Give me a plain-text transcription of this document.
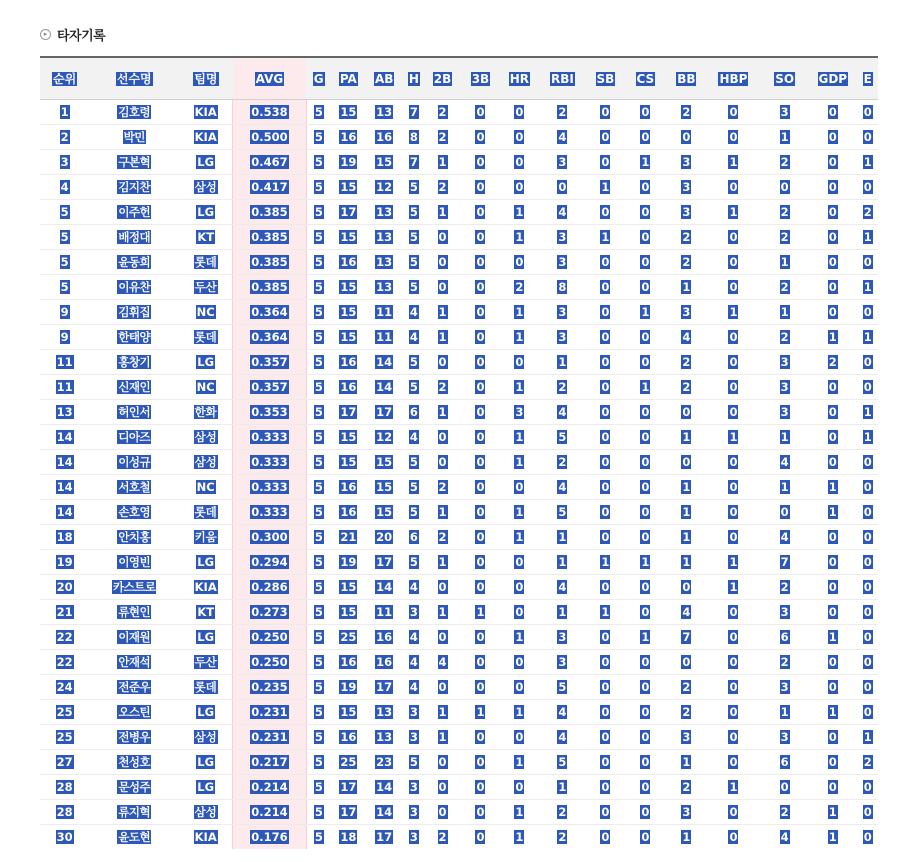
▸ 타자기록
순위	선수명	팀명	AVG	G	PA	AB	H	2B	3B	HR	RBI	SB	CS	BB	HBP	SO	GDP	E
1	김호령	KIA	0.538	5	15	13	7	2	0	0	2	0	0	2	0	3	0	0
2	박민	KIA	0.500	5	16	16	8	2	0	0	4	0	0	0	0	1	0	0
3	구본혁	LG	0.467	5	19	15	7	1	0	0	3	0	1	3	1	2	0	1
4	김지찬	삼성	0.417	5	15	12	5	2	0	0	0	1	0	3	0	0	0	0
5	이주헌	LG	0.385	5	17	13	5	1	0	1	4	0	0	3	1	2	0	2
5	배정대	KT	0.385	5	15	13	5	0	0	1	3	1	0	2	0	2	0	1
5	윤동희	롯데	0.385	5	16	13	5	0	0	0	3	0	0	2	0	1	0	0
5	이유찬	두산	0.385	5	15	13	5	0	0	2	8	0	0	1	0	2	0	1
9	김휘집	NC	0.364	5	15	11	4	1	0	1	3	0	1	3	1	1	0	0
9	한태양	롯데	0.364	5	15	11	4	1	0	1	3	0	0	4	0	2	1	1
11	홍창기	LG	0.357	5	16	14	5	0	0	0	1	0	0	2	0	3	2	0
11	신재인	NC	0.357	5	16	14	5	2	0	1	2	0	1	2	0	3	0	0
13	허인서	한화	0.353	5	17	17	6	1	0	3	4	0	0	0	0	3	0	1
14	디아즈	삼성	0.333	5	15	12	4	0	0	1	5	0	0	1	1	1	0	1
14	이성규	삼성	0.333	5	15	15	5	0	0	1	2	0	0	0	0	4	0	0
14	서호철	NC	0.333	5	16	15	5	2	0	0	4	0	0	1	0	1	1	0
14	손호영	롯데	0.333	5	16	15	5	1	0	1	5	0	0	1	0	0	1	0
18	안치홍	키움	0.300	5	21	20	6	2	0	1	1	0	0	1	0	4	0	0
19	이영빈	LG	0.294	5	19	17	5	1	0	0	1	1	1	1	1	7	0	0
20	카스트로	KIA	0.286	5	15	14	4	0	0	0	4	0	0	0	1	2	0	0
21	류현인	KT	0.273	5	15	11	3	1	1	0	1	1	0	4	0	3	0	0
22	이재원	LG	0.250	5	25	16	4	0	0	1	3	0	1	7	0	6	1	0
22	안재석	두산	0.250	5	16	16	4	4	0	0	3	0	0	0	0	2	0	0
24	전준우	롯데	0.235	5	19	17	4	0	0	0	5	0	0	2	0	3	0	0
25	오스틴	LG	0.231	5	15	13	3	1	1	1	4	0	0	2	0	1	1	0
25	전병우	삼성	0.231	5	16	13	3	1	0	0	4	0	0	3	0	3	0	1
27	천성호	LG	0.217	5	25	23	5	0	0	1	5	0	0	1	0	6	0	2
28	문성주	LG	0.214	5	17	14	3	0	0	0	1	0	0	2	1	0	0	0
28	류지혁	삼성	0.214	5	17	14	3	0	0	1	2	0	0	3	0	2	1	0
30	윤도현	KIA	0.176	5	18	17	3	2	0	1	2	0	0	1	0	4	1	0
